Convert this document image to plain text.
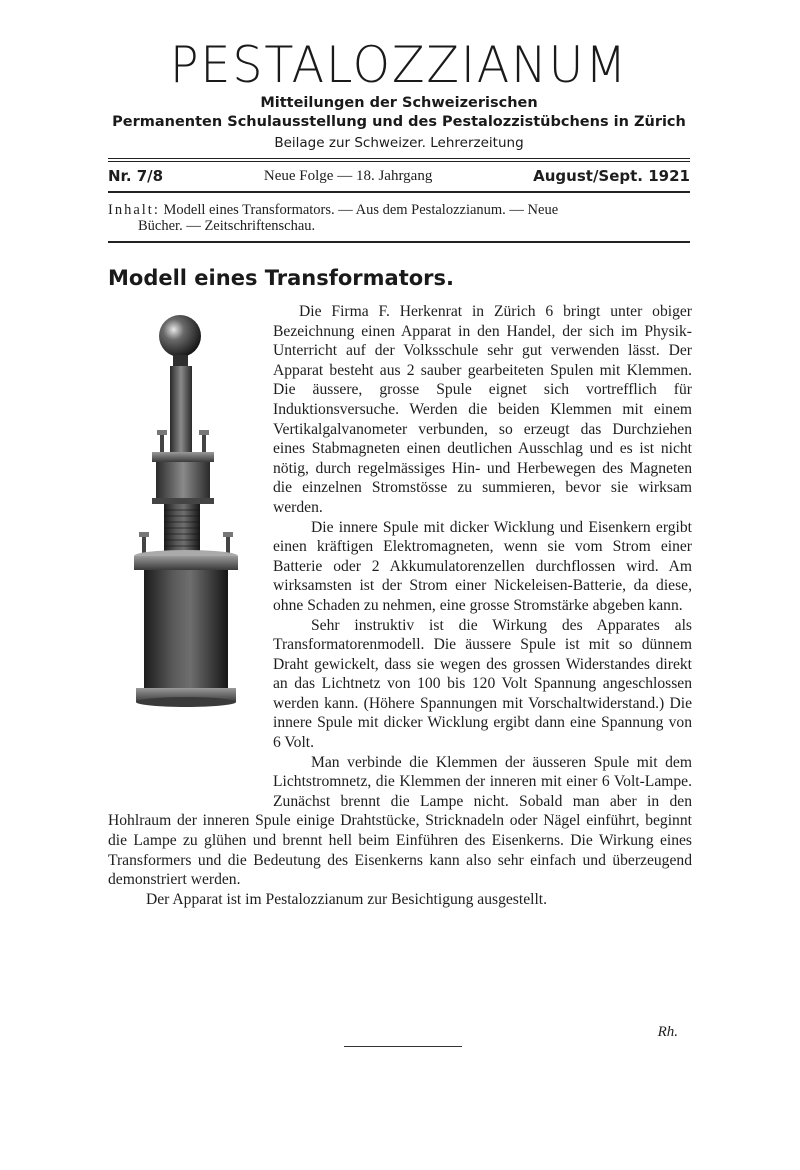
PESTALOZZIANUM
Mitteilungen der Schweizerischen
Permanenten Schulausstellung und des Pestalozzistübchens in Zürich
Beilage zur Schweizer. Lehrerzeitung
Nr. 7/8	Neue Folge — 18. Jahrgang	August/Sept. 1921
Inhalt: Modell eines Transformators. — Aus dem Pestalozzianum. — Neue
Bücher. — Zeitschriftenschau.
Modell eines Transformators.

Die Firma F. Herkenrat in Zürich 6 bringt unter obiger Bezeichnung einen Apparat in den Handel, der sich im Physik-Unterricht auf der Volksschule sehr gut verwenden lässt. Der Apparat besteht aus 2 sauber gearbeiteten Spulen mit Klemmen. Die äussere, grosse Spule eignet sich vortrefflich für Induktionsversuche. Werden die beiden Klemmen mit einem Vertikalgalvanometer verbunden, so erzeugt das Durchziehen eines Stabmagneten einen deutlichen Ausschlag und es ist nicht nötig, durch regelmässiges Hin- und Herbewegen des Magneten die einzelnen Stromstösse zu summieren, bevor sie wirksam werden.

Die innere Spule mit dicker Wicklung und Eisenkern ergibt einen kräftigen Elektromagneten, wenn sie vom Strom einer Batterie oder 2 Akkumulatorenzellen durchflossen wird. Am wirksamsten ist der Strom einer Nickeleisen-Batterie, da diese, ohne Schaden zu nehmen, eine grosse Stromstärke abgeben kann.

Sehr instruktiv ist die Wirkung des Apparates als Transformatorenmodell. Die äussere Spule ist mit so dünnem Draht gewickelt, dass sie wegen des grossen Widerstandes direkt an das Lichtnetz von 100 bis 120 Volt Spannung angeschlossen werden kann. (Höhere Spannungen mit Vorschaltwiderstand.) Die innere Spule mit dicker Wicklung ergibt dann eine Spannung von 6 Volt.

Man verbinde die Klemmen der äusseren Spule mit dem Lichtstromnetz, die Klemmen der inneren mit einer 6 Volt-Lampe. Zunächst brennt die Lampe nicht. Sobald man aber in den Hohlraum der inneren Spule einige Drahtstücke, Stricknadeln oder Nägel einführt, beginnt die Lampe zu glühen und brennt hell beim Einführen des Eisenkerns. Die Wirkung eines Transformers und die Bedeutung des Eisenkerns kann also sehr einfach und überzeugend demonstriert werden.

Der Apparat ist im Pestalozzianum zur Besichtigung ausgestellt.

Rh.
